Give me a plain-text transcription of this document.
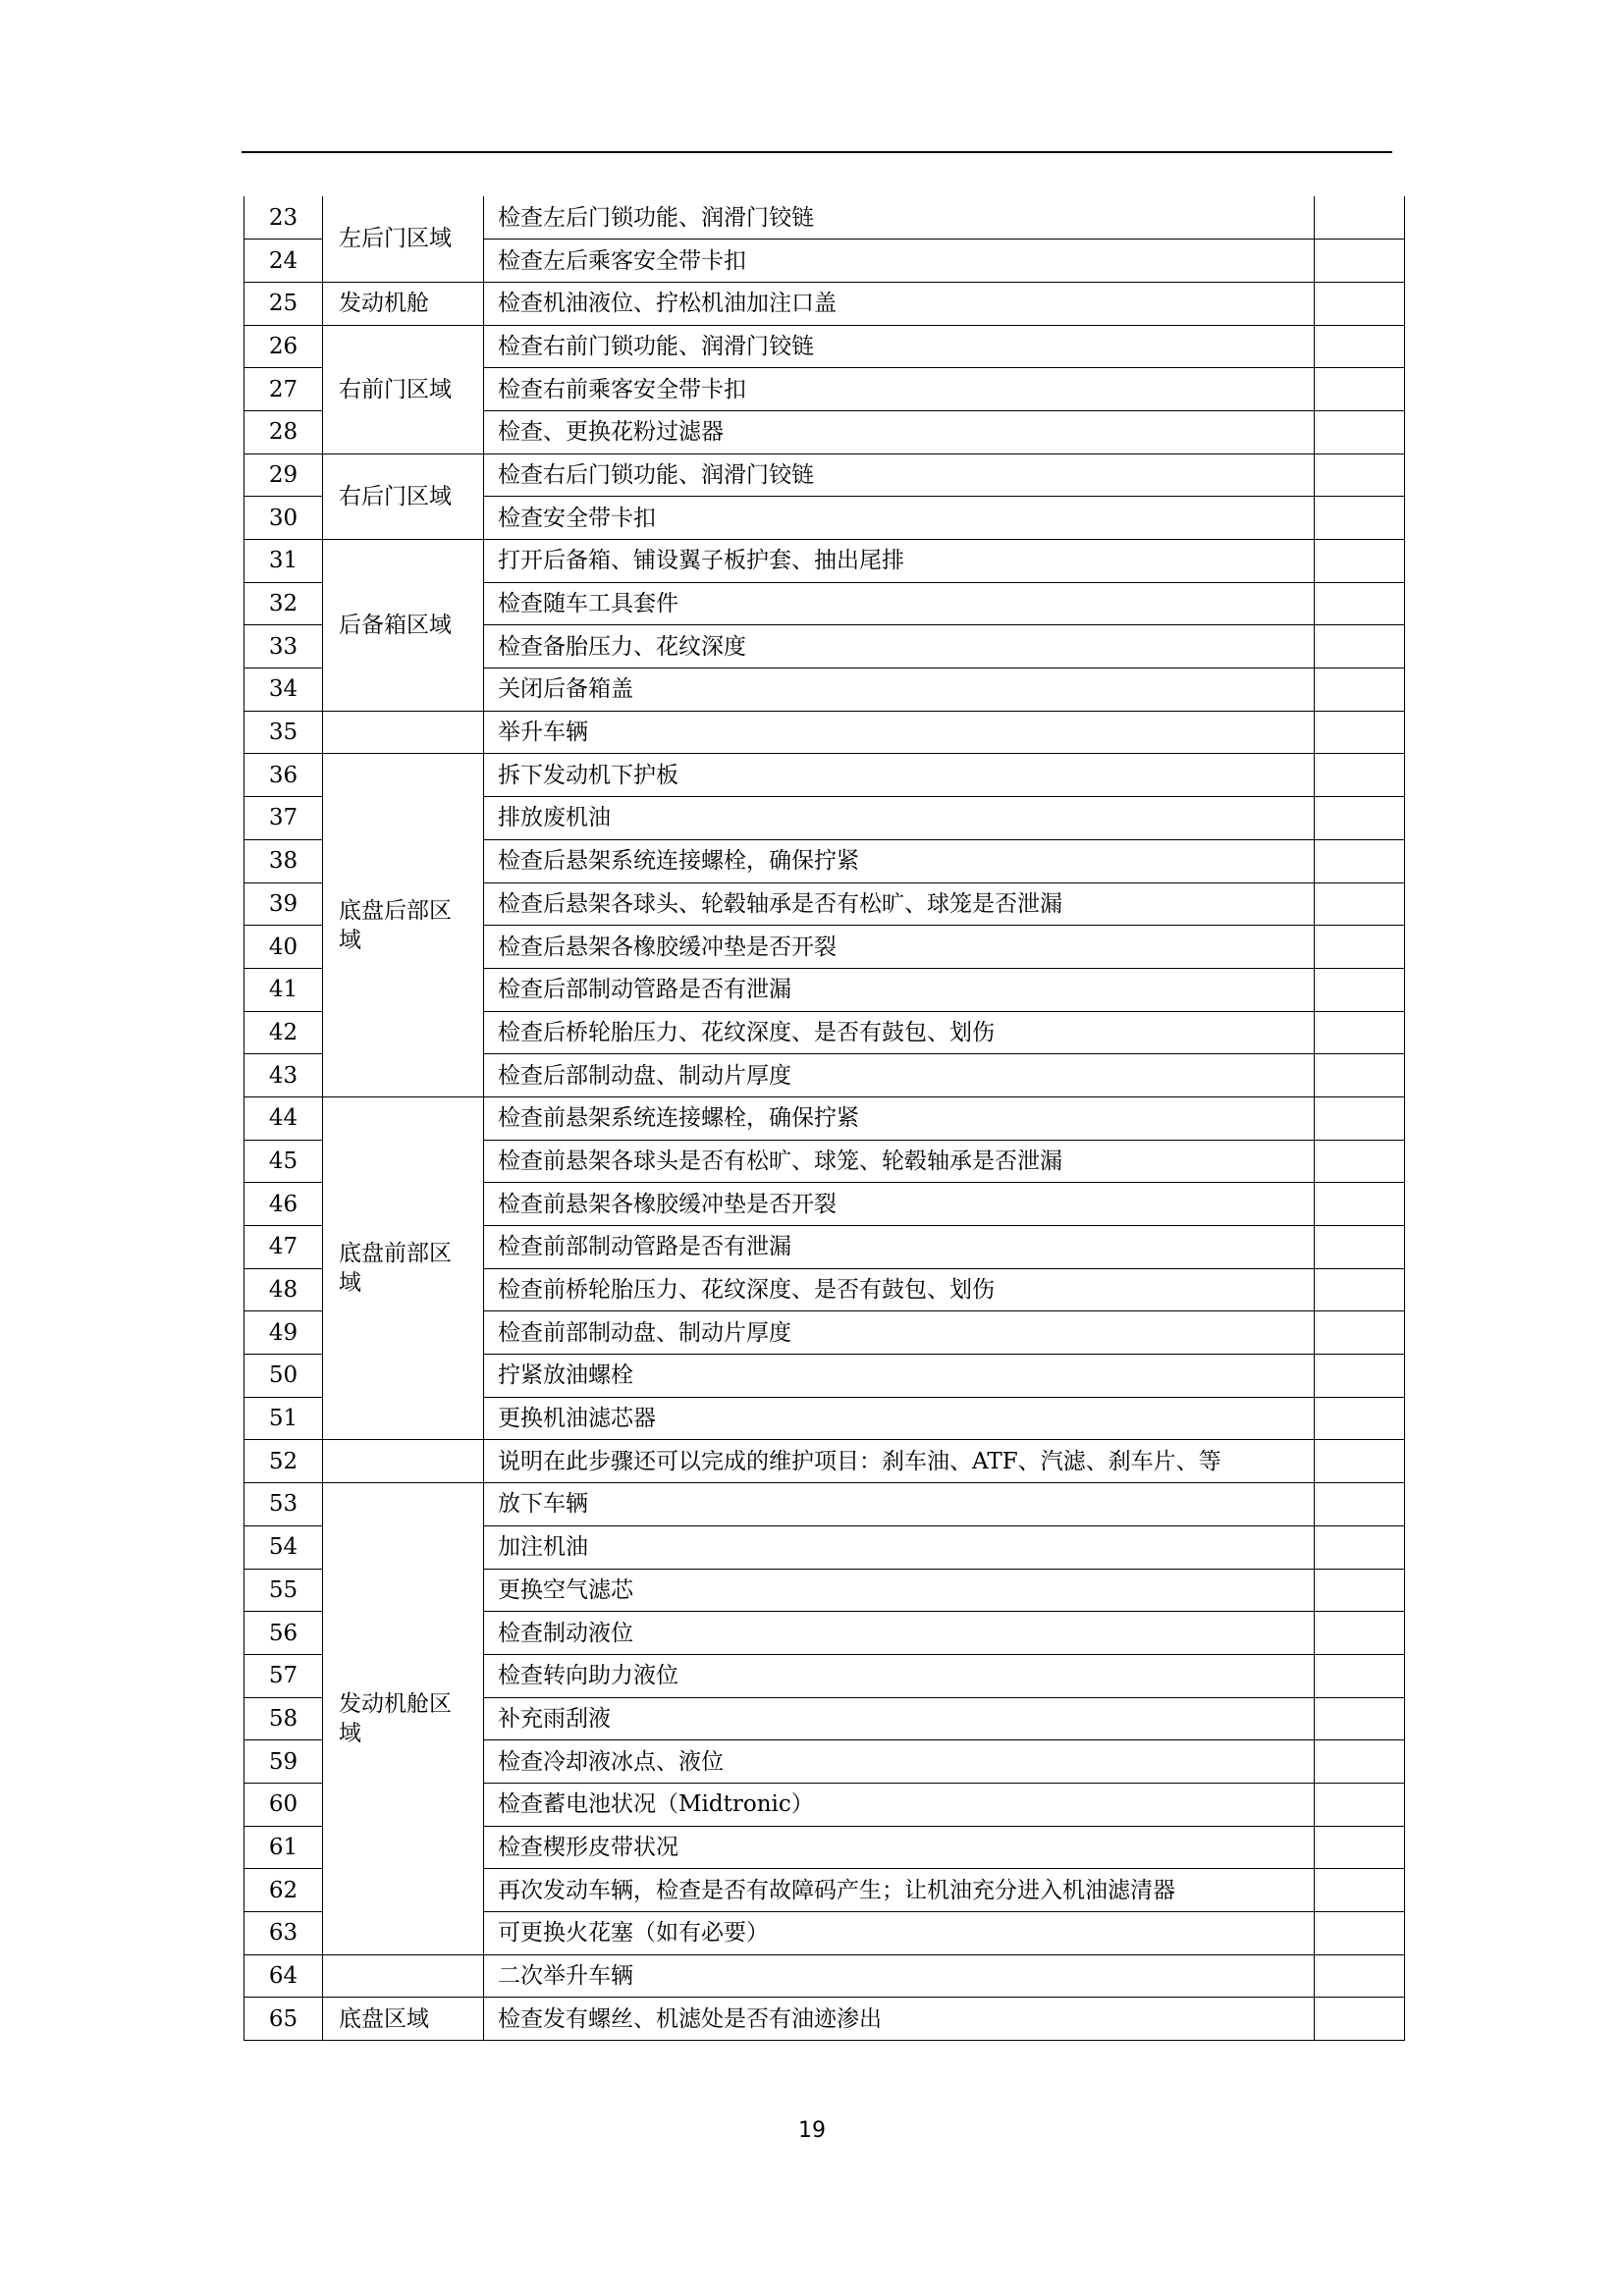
23	左后门区域	检查左后门锁功能、润滑门铰链	
24		检查左后乘客安全带卡扣	
25	发动机舱	检查机油液位、拧松机油加注口盖	
26	右前门区域	检查右前门锁功能、润滑门铰链	
27		检查右前乘客安全带卡扣	
28		检查、更换花粉过滤器	
29	右后门区域	检查右后门锁功能、润滑门铰链	
30		检查安全带卡扣	
31	后备箱区域	打开后备箱、铺设翼子板护套、抽出尾排	
32		检查随车工具套件	
33		检查备胎压力、花纹深度	
34		关闭后备箱盖	
35		举升车辆	
36	底盘后部区域	拆下发动机下护板	
37		排放废机油	
38		检查后悬架系统连接螺栓，确保拧紧	
39		检查后悬架各球头、轮毂轴承是否有松旷、球笼是否泄漏	
40		检查后悬架各橡胶缓冲垫是否开裂	
41		检查后部制动管路是否有泄漏	
42		检查后桥轮胎压力、花纹深度、是否有鼓包、划伤	
43		检查后部制动盘、制动片厚度	
44	底盘前部区域	检查前悬架系统连接螺栓，确保拧紧	
45		检查前悬架各球头是否有松旷、球笼、轮毂轴承是否泄漏	
46		检查前悬架各橡胶缓冲垫是否开裂	
47		检查前部制动管路是否有泄漏	
48		检查前桥轮胎压力、花纹深度、是否有鼓包、划伤	
49		检查前部制动盘、制动片厚度	
50		拧紧放油螺栓	
51		更换机油滤芯器	
52		说明在此步骤还可以完成的维护项目：刹车油、ATF、汽滤、刹车片、等	
53	发动机舱区域	放下车辆	
54		加注机油	
55		更换空气滤芯	
56		检查制动液位	
57		检查转向助力液位	
58		补充雨刮液	
59		检查冷却液冰点、液位	
60		检查蓄电池状况（Midtronic）	
61		检查楔形皮带状况	
62		再次发动车辆，检查是否有故障码产生；让机油充分进入机油滤清器	
63		可更换火花塞（如有必要）	
64		二次举升车辆	
65	底盘区域	检查发有螺丝、机滤处是否有油迹渗出	
19
